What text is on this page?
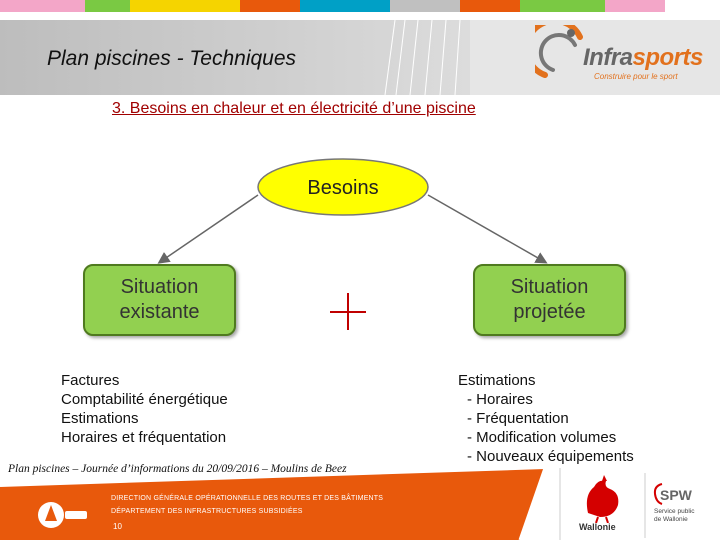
Plan piscines - Techniques	Infrasports
Construire pour le sport
3. Besoins en chaleur et en électricité d’une piscine
Besoins
Situation
existante
Situation
projetée
Factures
Comptabilité énergétique
Estimations
Horaires et fréquentation
Estimations
- Horaires
- Fréquentation
- Modification volumes
- Nouveaux équipements
Plan piscines – Journée d’informations du 20/09/2016 – Moulins de Beez
DIRECTION GÉNÉRALE OPÉRATIONNELLE DES ROUTES ET DES BÂTIMENTS
DÉPARTEMENT DES INFRASTRUCTURES SUBSIDIÉES
10	Wallonie
SPW
Service public
de Wallonie
